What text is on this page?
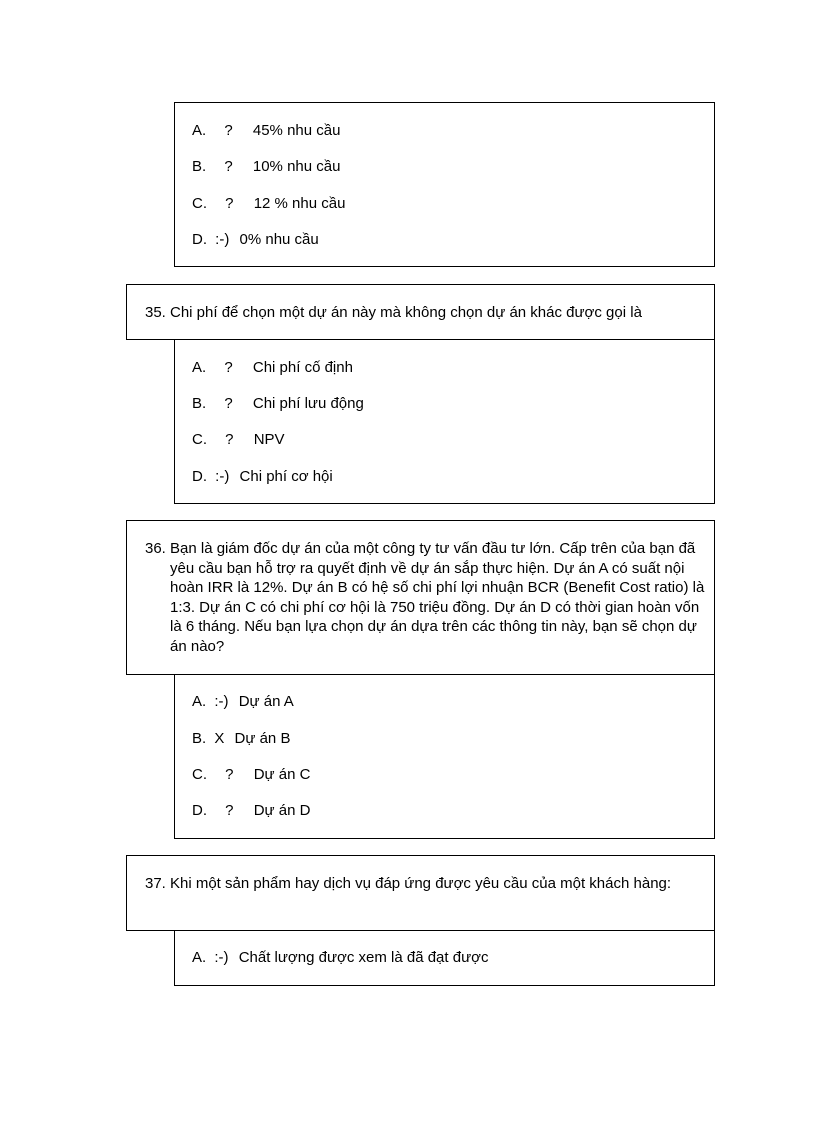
A. ? 45% nhu cầu
B. ? 10% nhu cầu
C. ? 12 % nhu cầu
D. :-) 0% nhu cầu
35. Chi phí để chọn một dự án này mà không chọn dự án khác được gọi là
A. ? Chi phí cố định
B. ? Chi phí lưu động
C. ? NPV
D. :-) Chi phí cơ hội
36. Bạn là giám đốc dự án của một công ty tư vấn đầu tư lớn. Cấp trên của bạn đã yêu cầu bạn hỗ trợ ra quyết định về dự án sắp thực hiện. Dự án A có suất nội hoàn IRR là 12%. Dự án B có hệ số chi phí lợi nhuận BCR (Benefit Cost ratio) là 1:3. Dự án C có chi phí cơ hội là 750 triệu đồng. Dự án D có thời gian hoàn vốn là 6 tháng. Nếu bạn lựa chọn dự án dựa trên các thông tin này, bạn sẽ chọn dự án nào?
A. :-) Dự án A
B. X Dự án B
C. ? Dự án C
D. ? Dự án D
37. Khi một sản phẩm hay dịch vụ đáp ứng được yêu cầu của một khách hàng:
A. :-) Chất lượng được xem là đã đạt được
